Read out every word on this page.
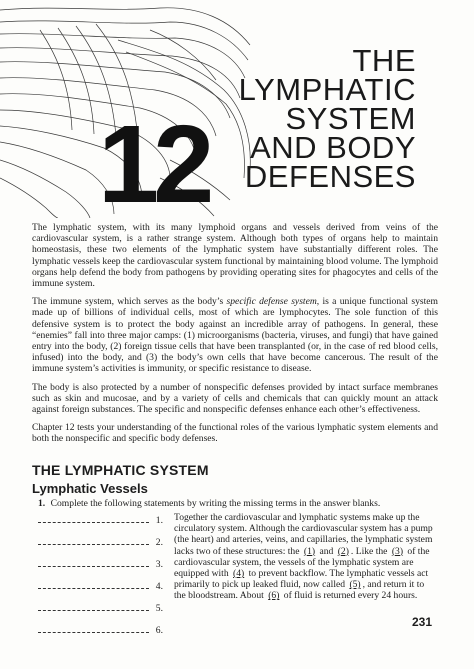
12
THE
LYMPHATIC
SYSTEM
AND BODY
DEFENSES

The lymphatic system, with its many lymphoid organs and vessels derived from veins of the cardiovascular system, is a rather strange system. Although both types of organs help to maintain homeostasis, these two elements of the lymphatic system have substantially different roles. The lymphatic vessels keep the cardiovascular system functional by maintaining blood volume. The lymphoid organs help defend the body from pathogens by providing operating sites for phagocytes and cells of the immune system.

The immune system, which serves as the body’s specific defense system, is a unique functional system made up of billions of individual cells, most of which are lymphocytes. The sole function of this defensive system is to protect the body against an incredible array of pathogens. In general, these “enemies” fall into three major camps: (1) microorganisms (bacteria, viruses, and fungi) that have gained entry into the body, (2) foreign tissue cells that have been transplanted (or, in the case of red blood cells, infused) into the body, and (3) the body’s own cells that have become cancerous. The result of the immune system’s activities is immunity, or specific resistance to disease.

The body is also protected by a number of nonspecific defenses provided by intact surface membranes such as skin and mucosae, and by a variety of cells and chemicals that can quickly mount an attack against foreign substances. The specific and nonspecific defenses enhance each other’s effectiveness.

Chapter 12 tests your understanding of the functional roles of the various lymphatic system elements and both the nonspecific and specific body defenses.

THE LYMPHATIC SYSTEM
Lymphatic Vessels
1. Complete the following statements by writing the missing terms in the answer blanks.
1.
2.
3.
4.
5.
6.
Together the cardiovascular and lymphatic systems make up the circulatory system. Although the cardiovascular system has a pump (the heart) and arteries, veins, and capillaries, the lymphatic system lacks two of these structures: the (1) and (2) . Like the (3) of the cardiovascular system, the vessels of the lymphatic system are equipped with (4) to prevent backflow. The lymphatic vessels act primarily to pick up leaked fluid, now called (5) , and return it to the bloodstream. About (6) of fluid is returned every 24 hours.
231
